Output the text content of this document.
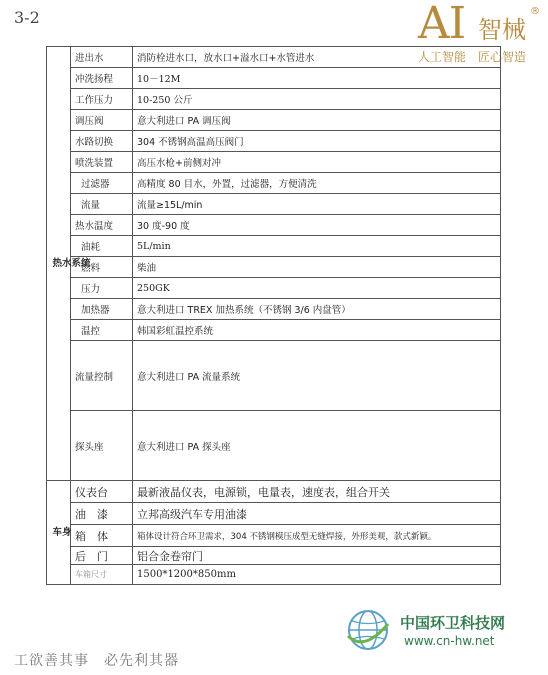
3-2	AI 智械
®
人工智能　匠心智造
热水系统	进出水	消防栓进水口，放水口+溢水口+水管进水
	冲洗扬程	10－12M
	工作压力	10-250 公斤
	调压阀	意大利进口 PA 调压阀
	水路切换	304 不锈钢高温高压阀门
	喷洗装置	高压水枪+前侧对冲
	过滤器	高精度 80 目水，外置，过滤器，方便清洗
	流量	流量≥15L/min
	热水温度	30 度-90 度
	油耗	5L/min
	燃料	柴油
	压力	250GK
	加热器	意大利进口 TREX 加热系统（不锈钢 3/6 内盘管）
	温控	韩国彩虹温控系统
	流量控制	意大利进口 PA 流量系统
	探头座	意大利进口 PA 探头座
车身	仪表台	最新液晶仪表，电源锁，电量表，速度表，组合开关
	油　漆	立邦高级汽车专用油漆
	箱　体	箱体设计符合环卫需求，304 不锈钢模压成型无缝焊接，外形美观，款式新颖。
	后　门	铝合金卷帘门
	车箱尺寸	1500*1200*850mm
工欲善其事　必先利其器
中国环卫科技网
www.cn-hw.net
